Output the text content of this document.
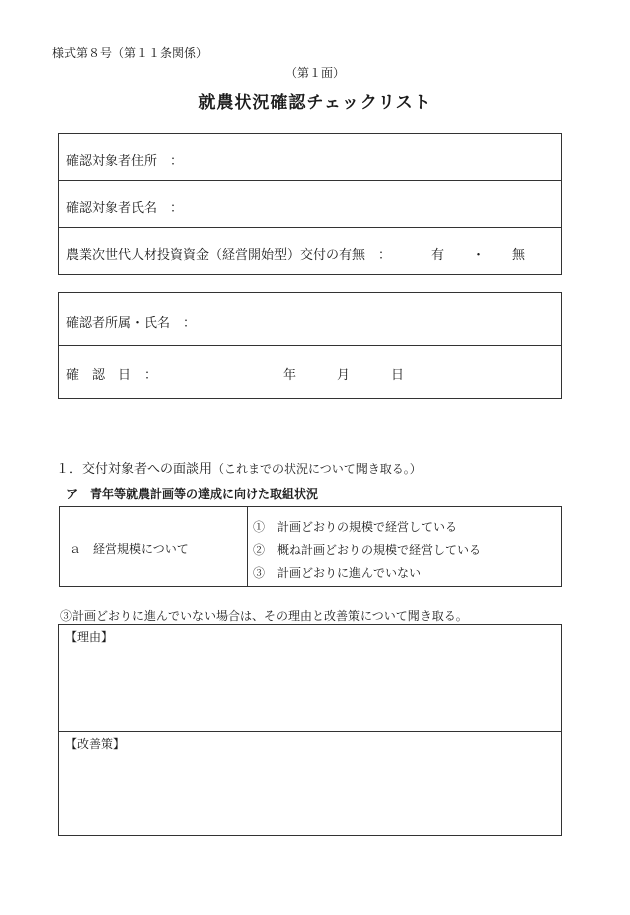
様式第８号（第１１条関係）
（第１面）
就農状況確認チェックリスト
確認対象者住所　：
確認対象者氏名　：
農業次世代人材投資資金（経営開始型）交付の有無　：	有 ・ 無
確認者所属・氏名　：
確　認　日　：	年	月	日
１．交付対象者への面談用（これまでの状況について聞き取る。）
ア　青年等就農計画等の達成に向けた取組状況
ａ　経営規模について
①　計画どおりの規模で経営している
②　概ね計画どおりの規模で経営している
③　計画どおりに進んでいない
③計画どおりに進んでいない場合は、その理由と改善策について聞き取る。
【理由】
【改善策】
